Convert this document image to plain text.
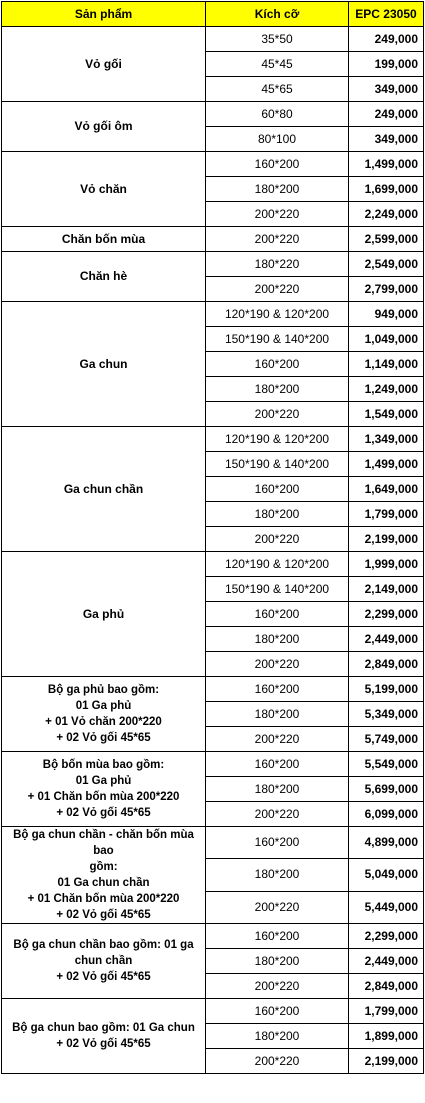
Sản phẩm	Kích cỡ	EPC 23050
Vỏ gối	35*50	249,000
	45*45	199,000
	45*65	349,000
Vỏ gối ôm	60*80	249,000
	80*100	349,000
Vỏ chăn	160*200	1,499,000
	180*200	1,699,000
	200*220	2,249,000
Chăn bốn mùa	200*220	2,599,000
Chăn hè	180*220	2,549,000
	200*220	2,799,000
Ga chun	120*190 & 120*200	949,000
	150*190 & 140*200	1,049,000
	160*200	1,149,000
	180*200	1,249,000
	200*220	1,549,000
Ga chun chần	120*190 & 120*200	1,349,000
	150*190 & 140*200	1,499,000
	160*200	1,649,000
	180*200	1,799,000
	200*220	2,199,000
Ga phủ	120*190 & 120*200	1,999,000
	150*190 & 140*200	2,149,000
	160*200	2,299,000
	180*200	2,449,000
	200*220	2,849,000
Bộ ga phủ bao gồm:
01 Ga phủ
+ 01 Vỏ chăn 200*220
+ 02 Vỏ gối 45*65	160*200	5,199,000
	180*200	5,349,000
	200*220	5,749,000
Bộ bốn mùa bao gồm:
01 Ga phủ
+ 01 Chăn bốn mùa 200*220
+ 02 Vỏ gối 45*65	160*200	5,549,000
	180*200	5,699,000
	200*220	6,099,000
Bộ ga chun chần - chăn bốn mùa bao
gồm:
01 Ga chun chần
+ 01 Chăn bốn mùa 200*220
+ 02 Vỏ gối 45*65	160*200	4,899,000
	180*200	5,049,000
	200*220	5,449,000
Bộ ga chun chần bao gồm: 01 ga
chun chần
+ 02 Vỏ gối 45*65	160*200	2,299,000
	180*200	2,449,000
	200*220	2,849,000
Bộ ga chun bao gồm: 01 Ga chun
+ 02 Vỏ gối 45*65	160*200	1,799,000
	180*200	1,899,000
	200*220	2,199,000
